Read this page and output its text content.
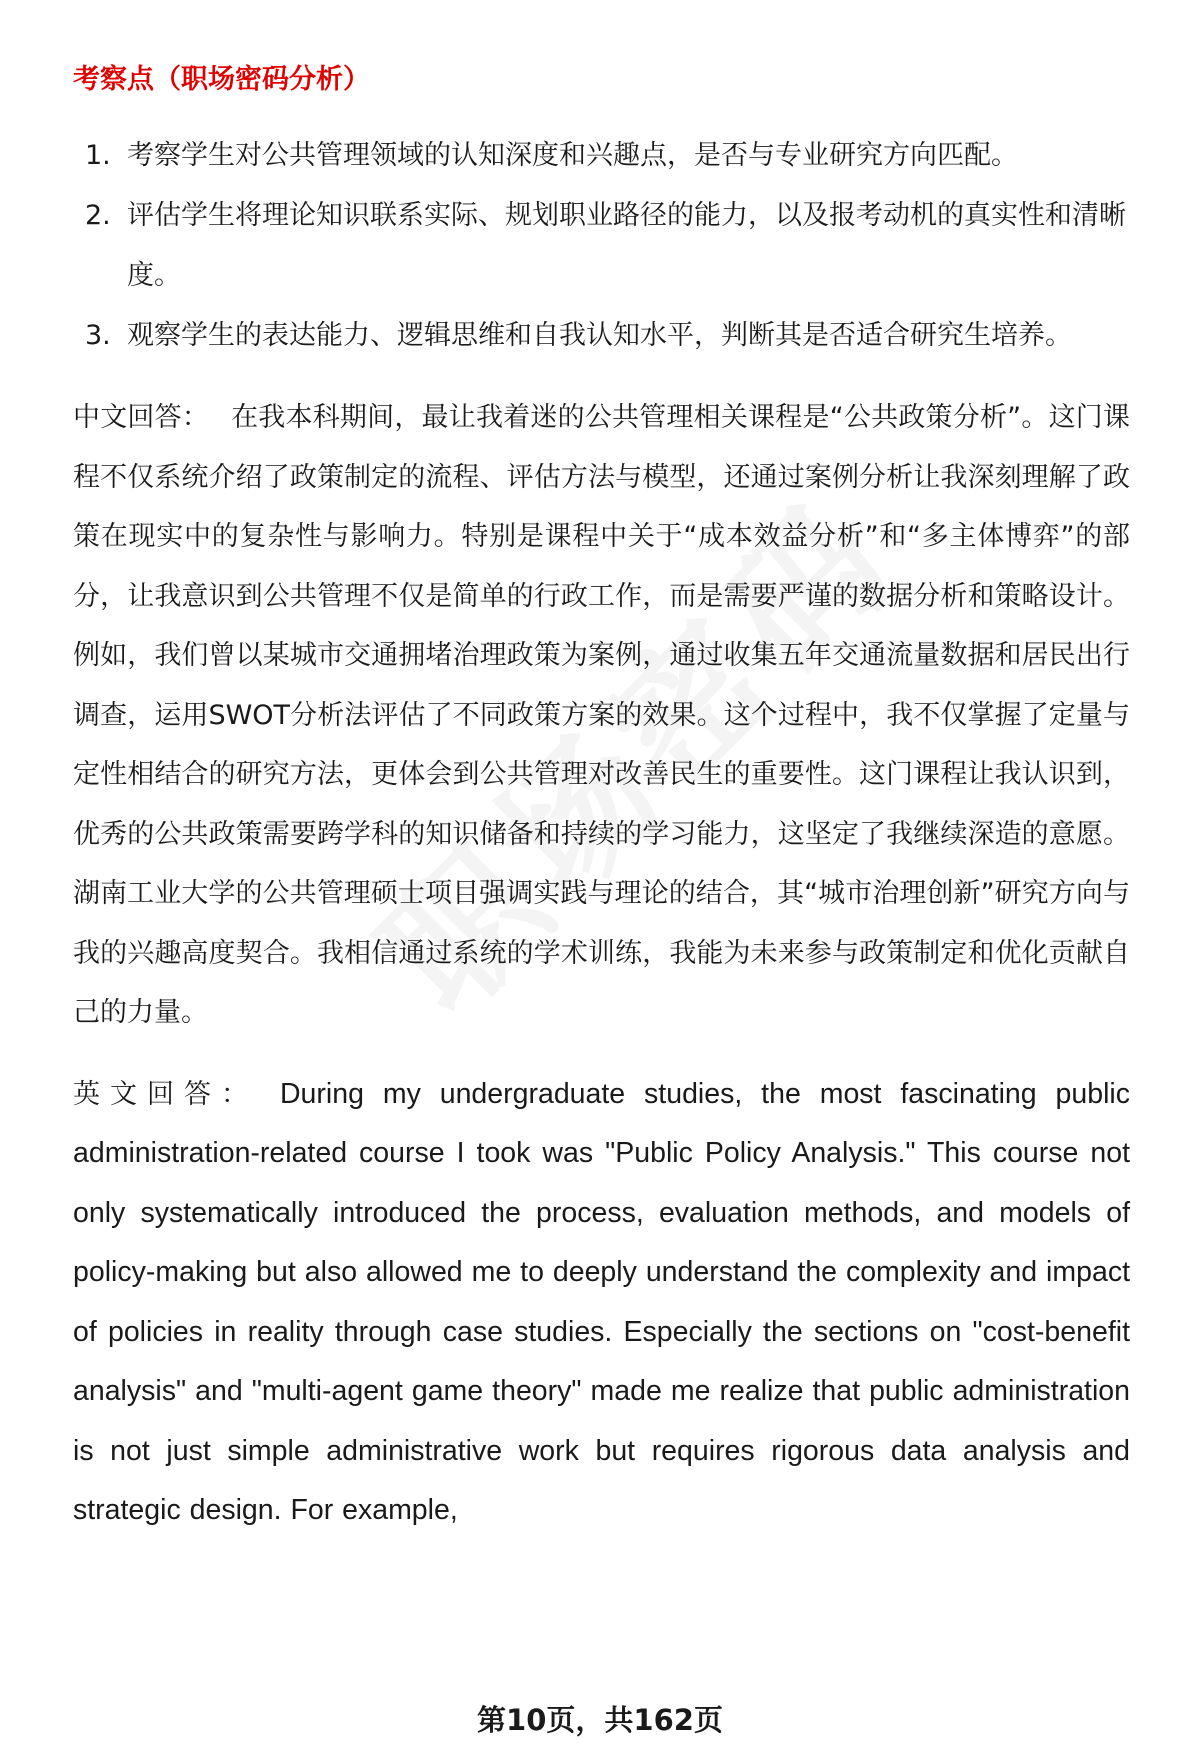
考察点（职场密码分析）
1. 考察学生对公共管理领域的认知深度和兴趣点，是否与专业研究方向匹配。
2. 评估学生将理论知识联系实际、规划职业路径的能力，以及报考动机的真实性和清晰度。
3. 观察学生的表达能力、逻辑思维和自我认知水平，判断其是否适合研究生培养。

中文回答： 在我本科期间，最让我着迷的公共管理相关课程是“公共政策分析”。这门课程不仅系统介绍了政策制定的流程、评估方法与模型，还通过案例分析让我深刻理解了政策在现实中的复杂性与影响力。特别是课程中关于“成本效益分析”和“多主体博弈”的部分，让我意识到公共管理不仅是简单的行政工作，而是需要严谨的数据分析和策略设计。例如，我们曾以某城市交通拥堵治理政策为案例，通过收集五年交通流量数据和居民出行调查，运用SWOT分析法评估了不同政策方案的效果。这个过程中，我不仅掌握了定量与定性相结合的研究方法，更体会到公共管理对改善民生的重要性。这门课程让我认识到，优秀的公共政策需要跨学科的知识储备和持续的学习能力，这坚定了我继续深造的意愿。湖南工业大学的公共管理硕士项目强调实践与理论的结合，其“城市治理创新”研究方向与我的兴趣高度契合。我相信通过系统的学术训练，我能为未来参与政策制定和优化贡献自己的力量。

英文回答： During my undergraduate studies, the most fascinating public administration-related course I took was "Public Policy Analysis." This course not only systematically introduced the process, evaluation methods, and models of policy-making but also allowed me to deeply understand the complexity and impact of policies in reality through case studies. Especially the sections on "cost-benefit analysis" and "multi-agent game theory" made me realize that public administration is not just simple administrative work but requires rigorous data analysis and strategic design. For example,

第10页，共162页
